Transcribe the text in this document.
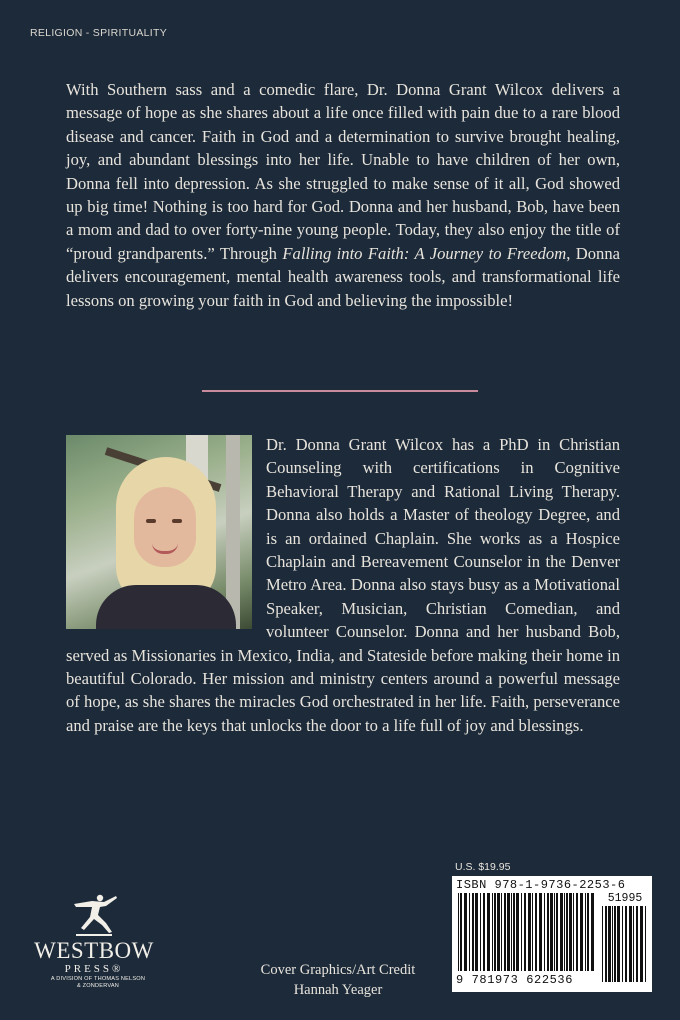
RELIGION - SPIRITUALITY

With Southern sass and a comedic flare, Dr. Donna Grant Wilcox delivers a message of hope as she shares about a life once filled with pain due to a rare blood disease and cancer. Faith in God and a determination to survive brought healing, joy, and abundant blessings into her life. Unable to have children of her own, Donna fell into depression. As she struggled to make sense of it all, God showed up big time! Nothing is too hard for God. Donna and her husband, Bob, have been a mom and dad to over forty-nine young people. Today, they also enjoy the title of “proud grandparents.” Through Falling into Faith: A Journey to Freedom, Donna delivers encouragement, mental health awareness tools, and transformational life lessons on growing your faith in God and believing the impossible!

Dr. Donna Grant Wilcox has a PhD in Christian Counseling with certifications in Cognitive Behavioral Therapy and Rational Living Therapy. Donna also holds a Master of theology Degree, and is an ordained Chaplain. She works as a Hospice Chaplain and Bereavement Counselor in the Denver Metro Area. Donna also stays busy as a Motivational Speaker, Musician, Christian Comedian, and volunteer Counselor. Donna and her husband Bob, served as Missionaries in Mexico, India, and Stateside before making their home in beautiful Colorado. Her mission and ministry centers around a powerful message of hope, as she shares the miracles God orchestrated in her life. Faith, perseverance and praise are the keys that unlocks the door to a life full of joy and blessings.

U.S. $19.95
ISBN 978-1-9736-2253-6
51995
9 781973 622536
WESTBOW
PRESS®
A DIVISION OF THOMAS NELSON
& ZONDERVAN
Cover Graphics/Art Credit
Hannah Yeager
